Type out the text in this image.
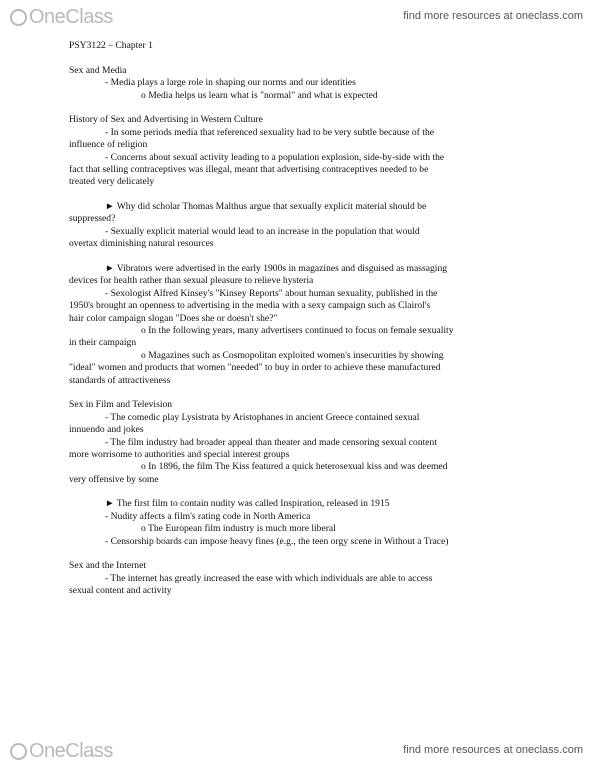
OneClass	find more resources at oneclass.com
PSY3122 – Chapter 1
Sex and Media
- Media plays a large role in shaping our norms and our identities
o Media helps us learn what is "normal" and what is expected
History of Sex and Advertising in Western Culture
- In some periods media that referenced sexuality had to be very subtle because of the
influence of religion
- Concerns about sexual activity leading to a population explosion, side-by-side with the
fact that selling contraceptives was illegal, meant that advertising contraceptives needed to be
treated very delicately
► Why did scholar Thomas Malthus argue that sexually explicit material should be
suppressed?
- Sexually explicit material would lead to an increase in the population that would
overtax diminishing natural resources
► Vibrators were advertised in the early 1900s in magazines and disguised as massaging
devices for health rather than sexual pleasure to relieve hysteria
- Sexologist Alfred Kinsey's "Kinsey Reports" about human sexuality, published in the
1950's brought an openness to advertising in the media with a sexy campaign such as Clairol's
hair color campaign slogan "Does she or doesn't she?"
o In the following years, many advertisers continued to focus on female sexuality
in their campaign
o Magazines such as Cosmopolitan exploited women's insecurities by showing
"ideal" women and products that women "needed" to buy in order to achieve these manufactured
standards of attractiveness
Sex in Film and Television
- The comedic play Lysistrata by Aristophanes in ancient Greece contained sexual
innuendo and jokes
- The film industry had broader appeal than theater and made censoring sexual content
more worrisome to authorities and special interest groups
o In 1896, the film The Kiss featured a quick heterosexual kiss and was deemed
very offensive by some
► The first film to contain nudity was called Inspiration, released in 1915
- Nudity affects a film's rating code in North America
o The European film industry is much more liberal
- Censorship boards can impose heavy fines (e.g., the teen orgy scene in Without a Trace)
Sex and the Internet
- The internet has greatly increased the ease with which individuals are able to access
sexual content and activity
OneClass	find more resources at oneclass.com
